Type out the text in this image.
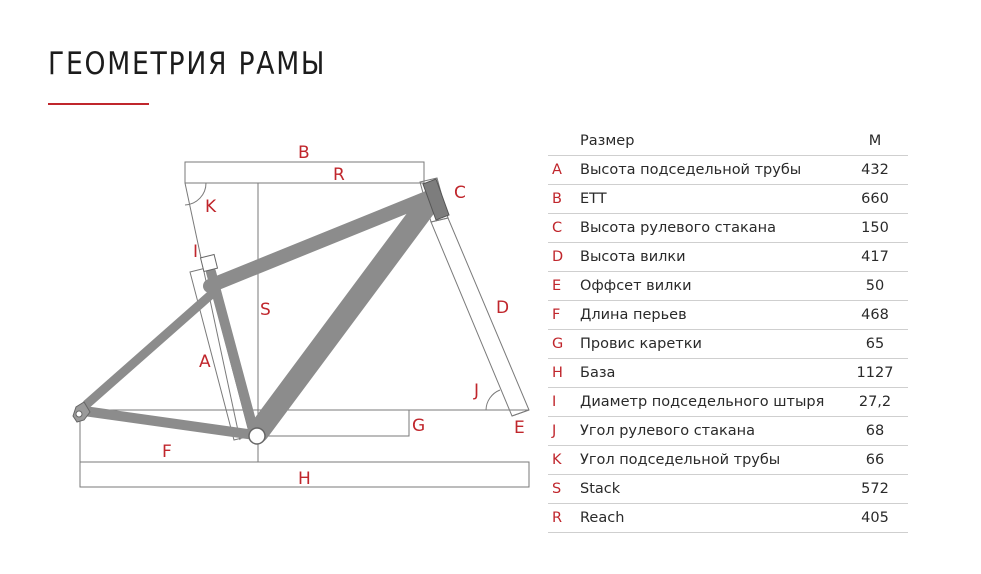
ГЕОМЕТРИЯ РАМЫ
B
R
K
C
I
S	D
A
J
G	E
F
H
	Размер	M
A	Высота подседельной трубы	432
B	ETT	660
C	Высота рулевого стакана	150
D	Высота вилки	417
E	Оффсет вилки	50
F	Длина перьев	468
G	Провис каретки	65
H	База	1127
I	Диаметр подседельного штыря	27,2
J	Угол рулевого стакана	68
K	Угол подседельной трубы	66
S	Stack	572
R	Reach	405
